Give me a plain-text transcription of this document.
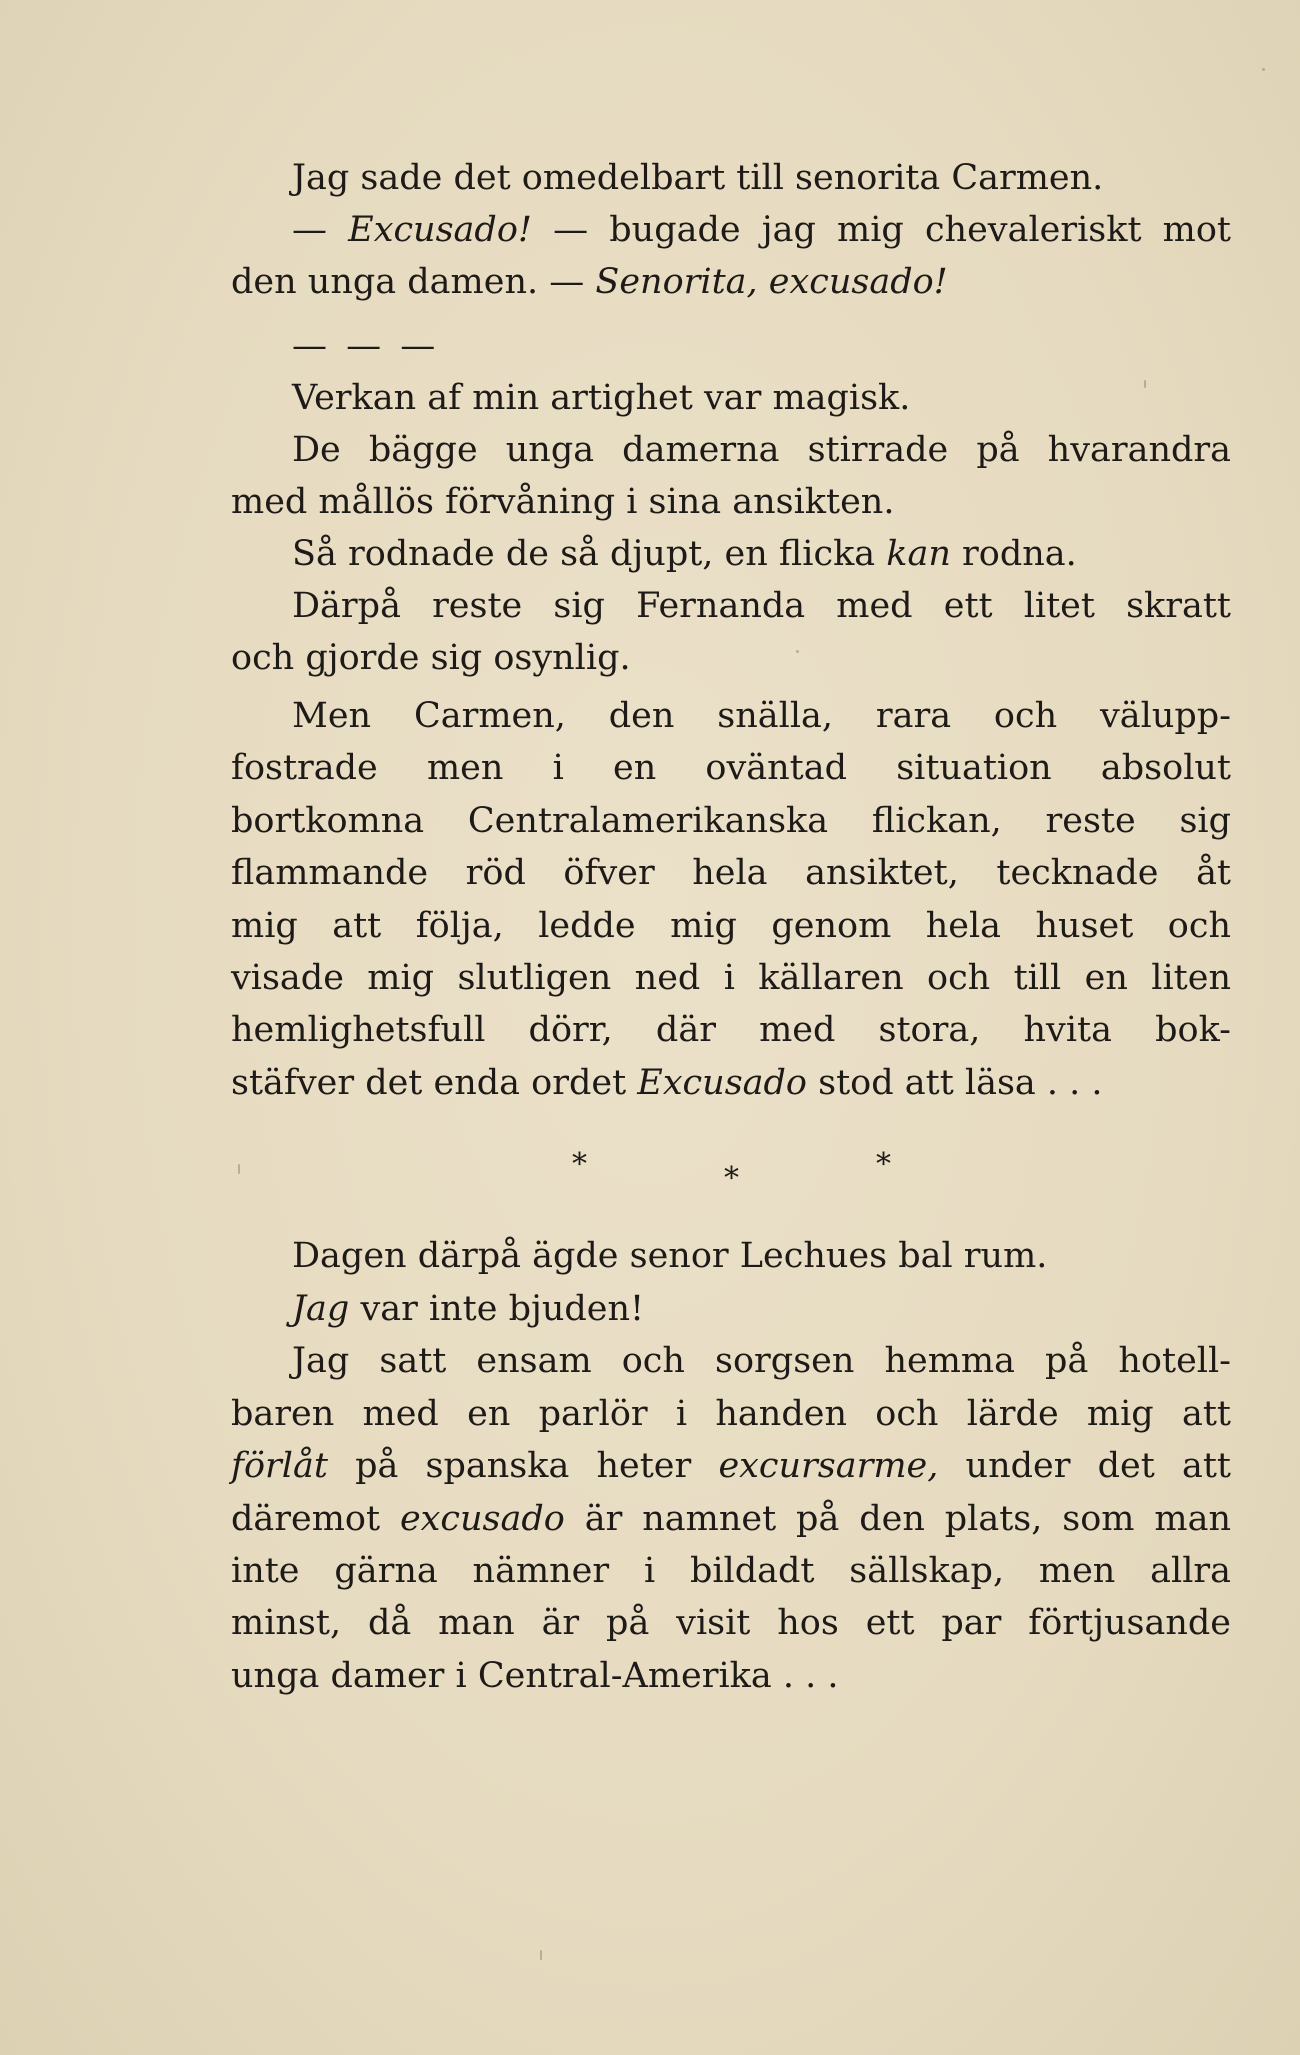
Jag sade det omedelbart till senorita Carmen.
— Excusado! — bugade jag mig chevaleriskt mot
den unga damen. — Senorita, excusado!
— — —
Verkan af min artighet var magisk.
De bägge unga damerna stirrade på hvarandra
med mållös förvåning i sina ansikten.
Så rodnade de så djupt, en flicka kan rodna.
Därpå reste sig Fernanda med ett litet skratt
och gjorde sig osynlig.
Men Carmen, den snälla, rara och välupp-
fostrade men i en oväntad situation absolut
bortkomna Centralamerikanska flickan, reste sig
flammande röd öfver hela ansiktet, tecknade åt
mig att följa, ledde mig genom hela huset och
visade mig slutligen ned i källaren och till en liten
hemlighetsfull dörr, där med stora, hvita bok-
stäfver det enda ordet Excusado stod att läsa . . .
*	*	*
Dagen därpå ägde senor Lechues bal rum.
Jag var inte bjuden!
Jag satt ensam och sorgsen hemma på hotell-
baren med en parlör i handen och lärde mig att
förlåt på spanska heter excursarme, under det att
däremot excusado är namnet på den plats, som man
inte gärna nämner i bildadt sällskap, men allra
minst, då man är på visit hos ett par förtjusande
unga damer i Central-Amerika . . .
